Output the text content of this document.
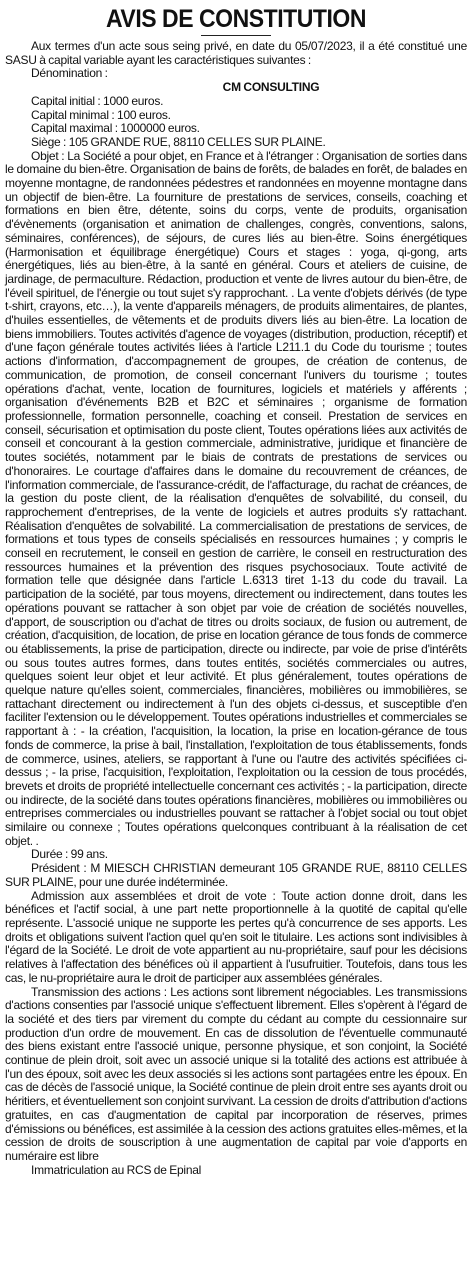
AVIS DE CONSTITUTION

Aux termes d'un acte sous seing privé, en date du 05/07/2023, il a été constitué une SASU à capital variable ayant les caractéristiques suivantes :

Dénomination :

CM CONSULTING

Capital initial : 1000 euros.

Capital minimal : 100 euros.

Capital maximal : 1000000 euros.

Siège : 105 GRANDE RUE, 88110 CELLES SUR PLAINE.

Objet : La Société a pour objet, en France et à l'étranger : Organisation de sorties dans le domaine du bien-être. Organisation de bains de forêts, de balades en forêt, de balades en moyenne montagne, de randonnées pédestres et randonnées en moyenne montagne dans un objectif de bien-être. La fourniture de prestations de services, conseils, coaching et formations en bien être, détente, soins du corps, vente de produits, organisation d'évènements (organisation et animation de challenges, congrès, conventions, salons, séminaires, conférences), de séjours, de cures liés au bien-être. Soins énergétiques (Harmonisation et équilibrage énergétique) Cours et stages : yoga, qi-gong, arts énergétiques, liés au bien-être, à la santé en général. Cours et ateliers de cuisine, de jardinage, de permaculture. Rédaction, production et vente de livres autour du bien-être, de l'éveil spirituel, de l'énergie ou tout sujet s'y rapprochant. . La vente d'objets dérivés (de type t-shirt, crayons, etc…), la vente d'appareils ménagers, de produits alimentaires, de plantes, d'huiles essentielles, de vêtements et de produits divers liés au bien-être. La location de biens immobiliers. Toutes activités d'agence de voyages (distribution, production, réceptif) et d'une façon générale toutes activités liées à l'article L211.1 du Code du tourisme ; toutes actions d'information, d'accompagnement de groupes, de création de contenus, de communication, de promotion, de conseil concernant l'univers du tourisme ; toutes opérations d'achat, vente, location de fournitures, logiciels et matériels y afférents ; organisation d'événements B2B et B2C et séminaires ; organisme de formation professionnelle, formation personnelle, coaching et conseil. Prestation de services en conseil, sécurisation et optimisation du poste client, Toutes opérations liées aux activités de conseil et concourant à la gestion commerciale, administrative, juridique et financière de toutes sociétés, notamment par le biais de contrats de prestations de services ou d'honoraires. Le courtage d'affaires dans le domaine du recouvrement de créances, de l'information commerciale, de l'assurance-crédit, de l'affacturage, du rachat de créances, de la gestion du poste client, de la réalisation d'enquêtes de solvabilité, du conseil, du rapprochement d'entreprises, de la vente de logiciels et autres produits s'y rattachant. Réalisation d'enquêtes de solvabilité. La commercialisation de prestations de services, de formations et tous types de conseils spécialisés en ressources humaines ; y compris le conseil en recrutement, le conseil en gestion de carrière, le conseil en restructuration des ressources humaines et la prévention des risques psychosociaux. Toute activité de formation telle que désignée dans l'article L.6313 tiret 1-13 du code du travail. La participation de la société, par tous moyens, directement ou indirectement, dans toutes les opérations pouvant se rattacher à son objet par voie de création de sociétés nouvelles, d'apport, de souscription ou d'achat de titres ou droits sociaux, de fusion ou autrement, de création, d'acquisition, de location, de prise en location gérance de tous fonds de commerce ou établissements, la prise de participation, directe ou indirecte, par voie de prise d'intérêts ou sous toutes autres formes, dans toutes entités, sociétés commerciales ou autres, quelques soient leur objet et leur activité. Et plus généralement, toutes opérations de quelque nature qu'elles soient, commerciales, financières, mobilières ou immobilières, se rattachant directement ou indirectement à l'un des objets ci-dessus, et susceptible d'en faciliter l'extension ou le développement. Toutes opérations industrielles et commerciales se rapportant à : - la création, l'acquisition, la location, la prise en location-gérance de tous fonds de commerce, la prise à bail, l'installation, l'exploitation de tous établissements, fonds de commerce, usines, ateliers, se rapportant à l'une ou l'autre des activités spécifiées ci-dessus ; - la prise, l'acquisition, l'exploitation, l'exploitation ou la cession de tous procédés, brevets et droits de propriété intellectuelle concernant ces activités ; - la participation, directe ou indirecte, de la société dans toutes opérations financières, mobilières ou immobilières ou entreprises commerciales ou industrielles pouvant se rattacher à l'objet social ou tout objet similaire ou connexe ; Toutes opérations quelconques contribuant à la réalisation de cet objet. .

Durée : 99 ans.

Président : M MIESCH CHRISTIAN demeurant 105 GRANDE RUE, 88110 CELLES SUR PLAINE, pour une durée indéterminée.

Admission aux assemblées et droit de vote : Toute action donne droit, dans les bénéfices et l'actif social, à une part nette proportionnelle à la quotité de capital qu'elle représente. L'associé unique ne supporte les pertes qu'à concurrence de ses apports. Les droits et obligations suivent l'action quel qu'en soit le titulaire. Les actions sont indivisibles à l'égard de la Société. Le droit de vote appartient au nu-propriétaire, sauf pour les décisions relatives à l'affectation des bénéfices où il appartient à l'usufruitier. Toutefois, dans tous les cas, le nu-propriétaire aura le droit de participer aux assemblées générales.

Transmission des actions : Les actions sont librement négociables. Les transmissions d'actions consenties par l'associé unique s'effectuent librement. Elles s'opèrent à l'égard de la société et des tiers par virement du compte du cédant au compte du cessionnaire sur production d'un ordre de mouvement. En cas de dissolution de l'éventuelle communauté des biens existant entre l'associé unique, personne physique, et son conjoint, la Société continue de plein droit, soit avec un associé unique si la totalité des actions est attribuée à l'un des époux, soit avec les deux associés si les actions sont partagées entre les époux. En cas de décès de l'associé unique, la Société continue de plein droit entre ses ayants droit ou héritiers, et éventuellement son conjoint survivant. La cession de droits d'attribution d'actions gratuites, en cas d'augmentation de capital par incorporation de réserves, primes d'émissions ou bénéfices, est assimilée à la cession des actions gratuites elles-mêmes, et la cession de droits de souscription à une augmentation de capital par voie d'apports en numéraire est libre

Immatriculation au RCS de Epinal
